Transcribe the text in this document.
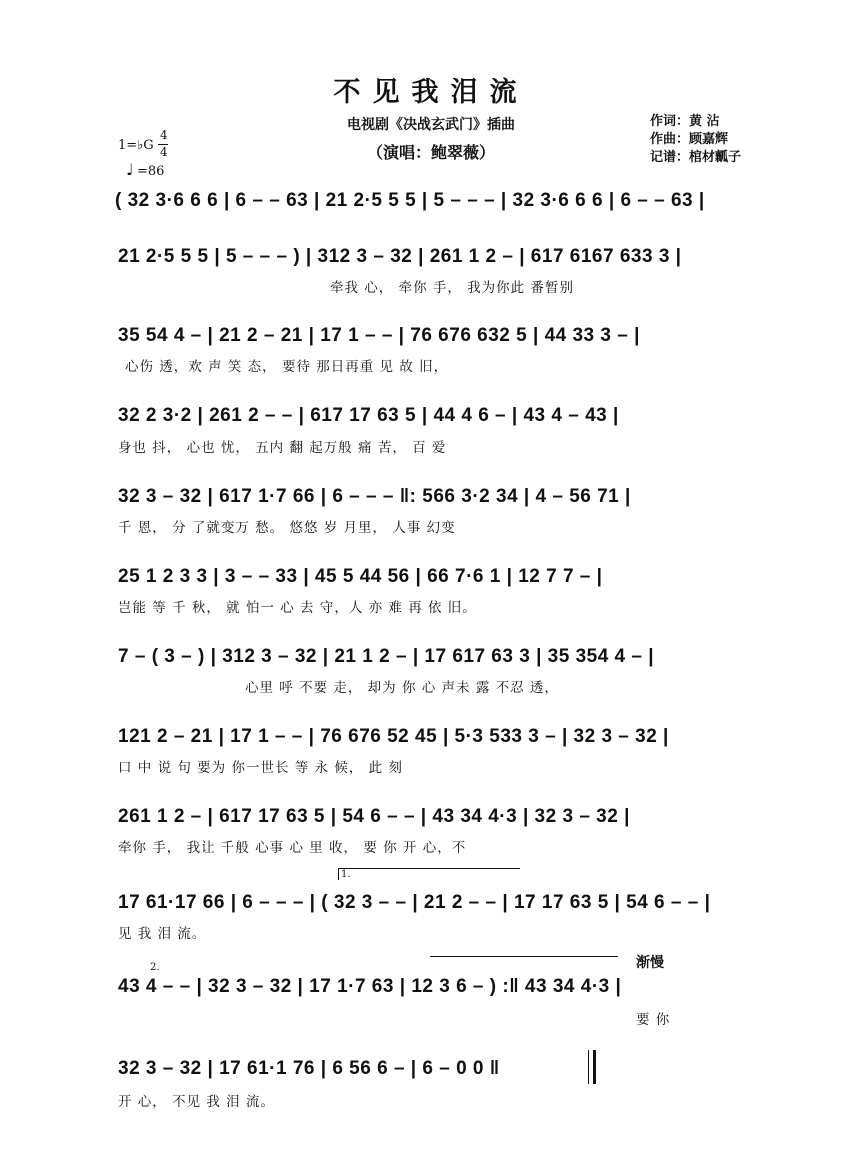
不见我泪流
电视剧《决战玄武门》插曲
（演唱：鲍翠薇）
作词：黄 沾
作曲：顾嘉辉
记谱：棺材瓤子
1=♭G
4
4
♩ =86
( 32 3·6 6 6 | 6 – – 63 | 21 2·5 5 5 | 5 – – – | 32 3·6 6 6 | 6 – – 63 |
21 2·5 5 5 | 5 – – – ) | 312 3 – 32 | 261 1 2 – | 617 6167 633 3 |
牵我 心， 牵你 手， 我为你此 番暂别
35 54 4 – | 21 2 – 21 | 17 1 – – | 76 676 632 5 | 44 33 3 – |
心伤 透，欢 声 笑 态， 要待 那日再重 见 故 旧，
32 2 3·2 | 261 2 – – | 617 17 63 5 | 44 4 6 – | 43 4 – 43 |
身也 抖， 心也 忧， 五内 翻 起万般 痛 苦， 百 爱
32 3 – 32 | 617 1·7 66 | 6 – – – ‖: 566 3·2 34 | 4 – 56 71 |
千 恩， 分 了就变万 愁。 悠悠 岁 月里， 人事 幻变
25 1 2 3 3 | 3 – – 33 | 45 5 44 56 | 66 7·6 1 | 12 7 7 – |
岂能 等 千 秋， 就 怕一 心 去 守，人 亦 难 再 依 旧。
7 – ( 3 – ) | 312 3 – 32 | 21 1 2 – | 17 617 63 3 | 35 354 4 – |
心里 呼 不要 走， 却为 你 心 声未 露 不忍 透，
121 2 – 21 | 17 1 – – | 76 676 52 45 | 5·3 533 3 – | 32 3 – 32 |
口 中 说 句 要为 你一世长 等 永 候， 此 刻
261 1 2 – | 617 17 63 5 | 54 6 – – | 43 34 4·3 | 32 3 – 32 |
牵你 手， 我让 千般 心事 心 里 收， 要 你 开 心，不
1.
17 61·17 66 | 6 – – – | ( 32 3 – – | 21 2 – – | 17 17 63 5 | 54 6 – – |
见 我 泪 流。
渐慢
2.
43 4 – – | 32 3 – 32 | 17 1·7 63 | 12 3 6 – ) :‖ 43 34 4·3 |
要 你
32 3 – 32 | 17 61·1 76 | 6 56 6 – | 6 – 0 0 ‖
开 心， 不见 我 泪 流。
